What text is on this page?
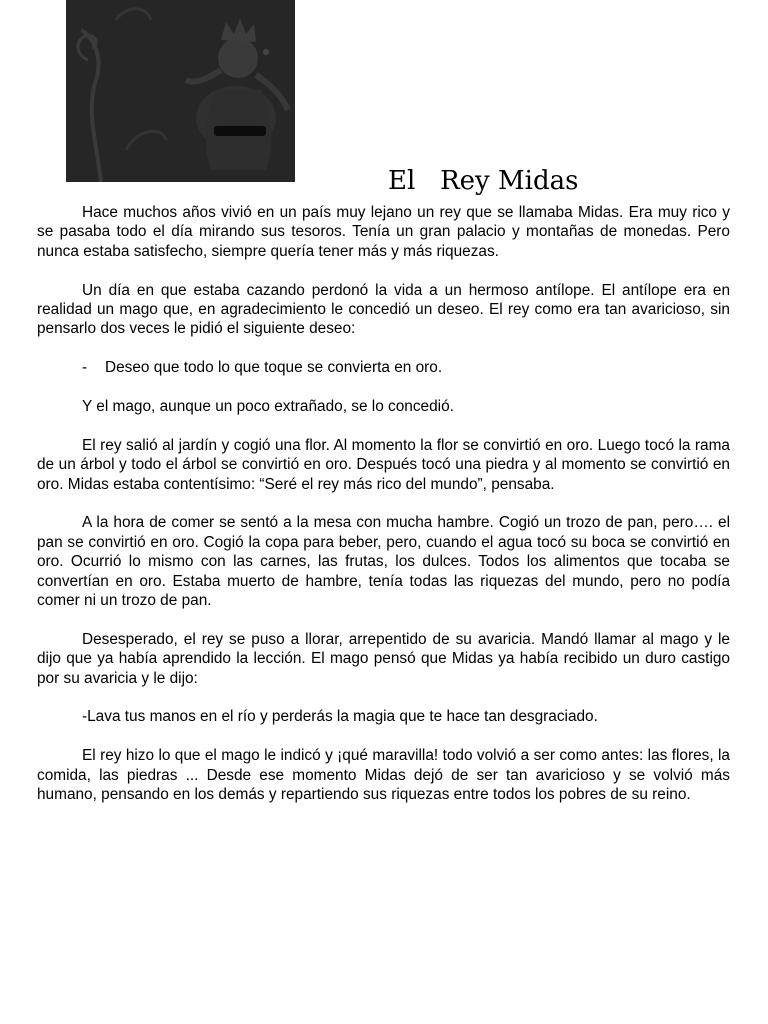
El   Rey Midas

Hace muchos años vivió en un país muy lejano un rey que se llamaba Midas. Era muy rico y se pasaba todo el día mirando sus tesoros. Tenía un gran palacio y montañas de monedas. Pero nunca estaba satisfecho, siempre quería tener más y más riquezas.

Un día en que estaba cazando perdonó la vida a un hermoso antílope. El antílope era en realidad un mago que, en agradecimiento le concedió un deseo. El rey como era tan avaricioso, sin pensarlo dos veces le pidió el siguiente deseo:

- Deseo que todo lo que toque se convierta en oro.

Y el mago, aunque un poco extrañado, se lo concedió.

El rey salió al jardín y cogió una flor. Al momento la flor se convirtió en oro. Luego tocó la rama de un árbol y todo el árbol se convirtió en oro. Después tocó una piedra y al momento se convirtió en oro. Midas estaba contentísimo: “Seré el rey más rico del mundo”, pensaba.

A la hora de comer se sentó a la mesa con mucha hambre. Cogió un trozo de pan, pero…. el pan se convirtió en oro. Cogió la copa para beber, pero, cuando el agua tocó su boca se convirtió en oro. Ocurrió lo mismo con las carnes, las frutas, los dulces. Todos los alimentos que tocaba se convertían en oro. Estaba muerto de hambre, tenía todas las riquezas del mundo, pero no podía comer ni un trozo de pan.

Desesperado, el rey se puso a llorar, arrepentido de su avaricia. Mandó llamar al mago y le dijo que ya había aprendido la lección. El mago pensó que Midas ya había recibido un duro castigo por su avaricia y le dijo:

-Lava tus manos en el río y perderás la magia que te hace tan desgraciado.

El rey hizo lo que el mago le indicó y ¡qué maravilla! todo volvió a ser como antes: las flores, la comida, las piedras ... Desde ese momento Midas dejó de ser tan avaricioso y se volvió más humano, pensando en los demás y repartiendo sus riquezas entre todos los pobres de su reino.
